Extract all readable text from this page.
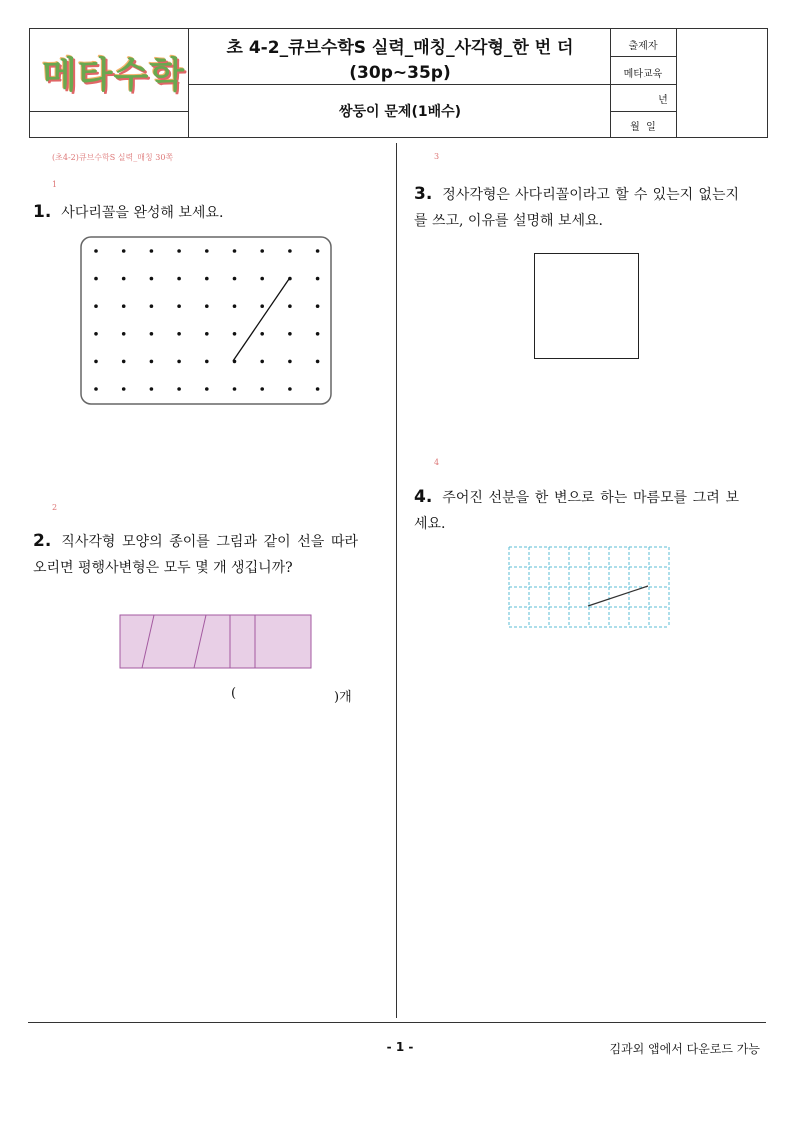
메타수학
초 4-2_큐브수학S 실력_매칭_사각형_한 번 더
(30p~35p)
쌍둥이 문제(1배수)
출제자
메타교육
년
월  일
(초4-2)큐브수학S 실력_매칭 30쪽
1
1. 사다리꼴을 완성해 보세요.
2
2. 직사각형 모양의 종이를 그림과 같이 선을 따라 오리면 평행사변형은 모두 몇 개 생깁니까?
(	)개
3
3. 정사각형은 사다리꼴이라고 할 수 있는지 없는지를 쓰고, 이유를 설명해 보세요.
4
4. 주어진 선분을 한 변으로 하는 마름모를 그려 보세요.
- 1 -	김과외 앱에서 다운로드 가능
